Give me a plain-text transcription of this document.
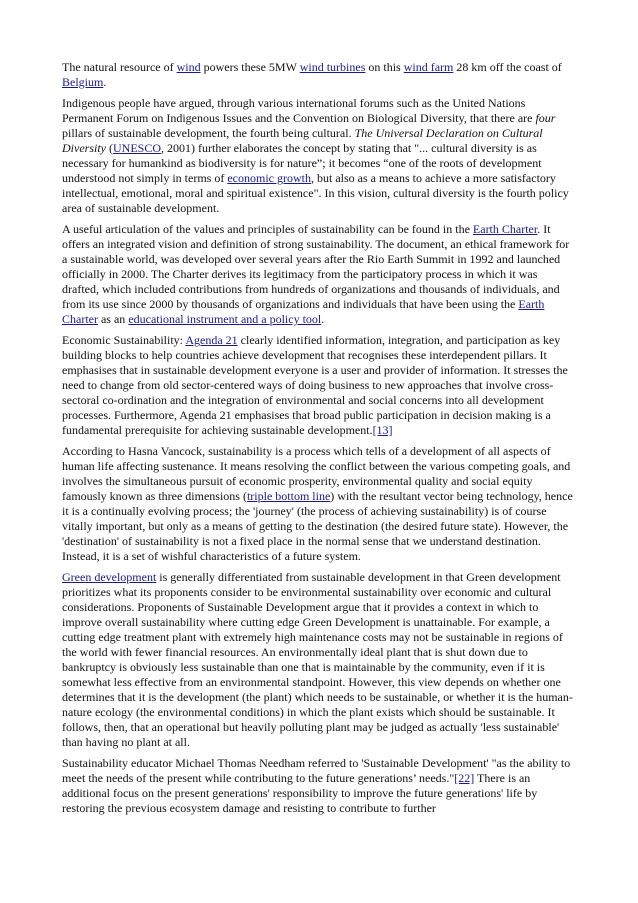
The natural resource of wind powers these 5MW wind turbines on this wind farm 28 km off the coast of Belgium.

Indigenous people have argued, through various international forums such as the United Nations Permanent Forum on Indigenous Issues and the Convention on Biological Diversity, that there are four pillars of sustainable development, the fourth being cultural. The Universal Declaration on Cultural Diversity (UNESCO, 2001) further elaborates the concept by stating that "... cultural diversity is as necessary for humankind as biodiversity is for nature”; it becomes “one of the roots of development understood not simply in terms of economic growth, but also as a means to achieve a more satisfactory intellectual, emotional, moral and spiritual existence". In this vision, cultural diversity is the fourth policy area of sustainable development.

A useful articulation of the values and principles of sustainability can be found in the Earth Charter. It offers an integrated vision and definition of strong sustainability. The document, an ethical framework for a sustainable world, was developed over several years after the Rio Earth Summit in 1992 and launched officially in 2000. The Charter derives its legitimacy from the participatory process in which it was drafted, which included contributions from hundreds of organizations and thousands of individuals, and from its use since 2000 by thousands of organizations and individuals that have been using the Earth Charter as an educational instrument and a policy tool.

Economic Sustainability: Agenda 21 clearly identified information, integration, and participation as key building blocks to help countries achieve development that recognises these interdependent pillars. It emphasises that in sustainable development everyone is a user and provider of information. It stresses the need to change from old sector-centered ways of doing business to new approaches that involve cross-sectoral co-ordination and the integration of environmental and social concerns into all development processes. Furthermore, Agenda 21 emphasises that broad public participation in decision making is a fundamental prerequisite for achieving sustainable development.[13]

According to Hasna Vancock, sustainability is a process which tells of a development of all aspects of human life affecting sustenance. It means resolving the conflict between the various competing goals, and involves the simultaneous pursuit of economic prosperity, environmental quality and social equity famously known as three dimensions (triple bottom line) with the resultant vector being technology, hence it is a continually evolving process; the 'journey' (the process of achieving sustainability) is of course vitally important, but only as a means of getting to the destination (the desired future state). However, the 'destination' of sustainability is not a fixed place in the normal sense that we understand destination. Instead, it is a set of wishful characteristics of a future system.

Green development is generally differentiated from sustainable development in that Green development prioritizes what its proponents consider to be environmental sustainability over economic and cultural considerations. Proponents of Sustainable Development argue that it provides a context in which to improve overall sustainability where cutting edge Green Development is unattainable. For example, a cutting edge treatment plant with extremely high maintenance costs may not be sustainable in regions of the world with fewer financial resources. An environmentally ideal plant that is shut down due to bankruptcy is obviously less sustainable than one that is maintainable by the community, even if it is somewhat less effective from an environmental standpoint. However, this view depends on whether one determines that it is the development (the plant) which needs to be sustainable, or whether it is the human-nature ecology (the environmental conditions) in which the plant exists which should be sustainable. It follows, then, that an operational but heavily polluting plant may be judged as actually 'less sustainable' than having no plant at all.

Sustainability educator Michael Thomas Needham referred to 'Sustainable Development' "as the ability to meet the needs of the present while contributing to the future generations’ needs."[22] There is an additional focus on the present generations' responsibility to improve the future generations' life by restoring the previous ecosystem damage and resisting to contribute to further
